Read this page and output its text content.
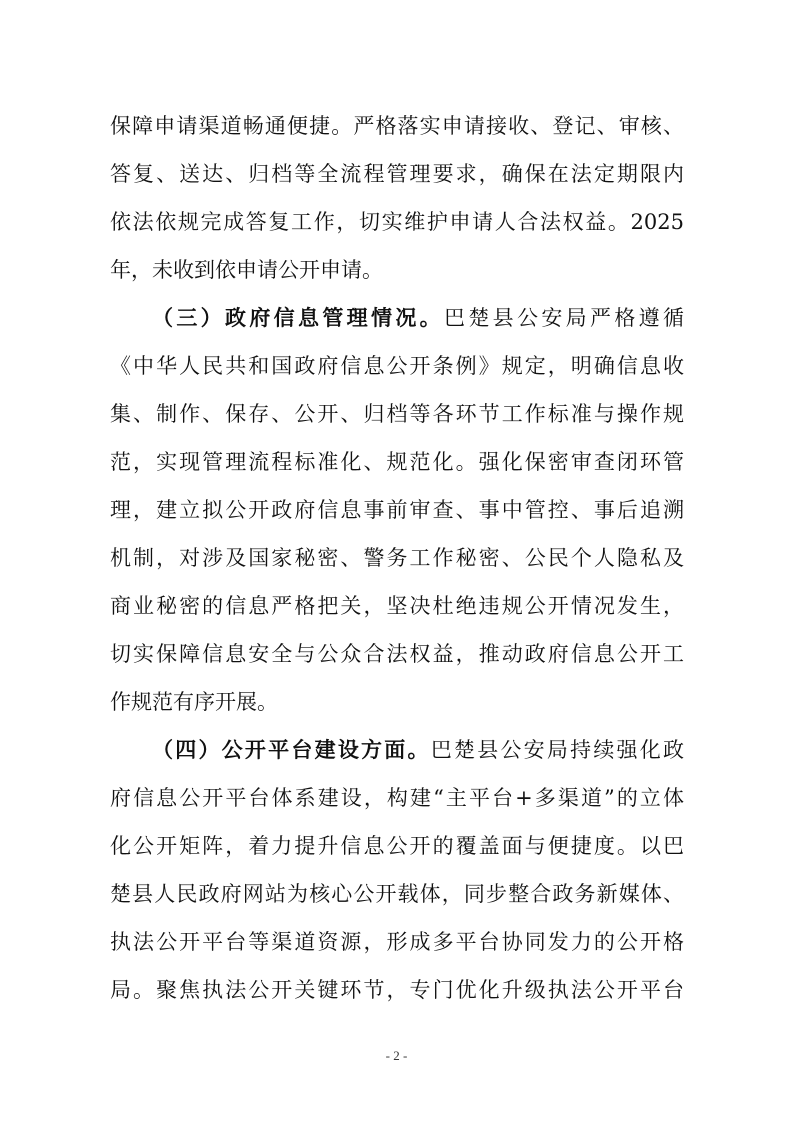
保障申请渠道畅通便捷。严格落实申请接收、登记、审核、
答复、送达、归档等全流程管理要求，确保在法定期限内
依法依规完成答复工作，切实维护申请人合法权益。2025
年，未收到依申请公开申请。
（三）政府信息管理情况。巴楚县公安局严格遵循
《中华人民共和国政府信息公开条例》规定，明确信息收
集、制作、保存、公开、归档等各环节工作标准与操作规
范，实现管理流程标准化、规范化。强化保密审查闭环管
理，建立拟公开政府信息事前审查、事中管控、事后追溯
机制，对涉及国家秘密、警务工作秘密、公民个人隐私及
商业秘密的信息严格把关，坚决杜绝违规公开情况发生，
切实保障信息安全与公众合法权益，推动政府信息公开工
作规范有序开展。
（四）公开平台建设方面。巴楚县公安局持续强化政
府信息公开平台体系建设，构建“主平台+多渠道”的立体
化公开矩阵，着力提升信息公开的覆盖面与便捷度。以巴
楚县人民政府网站为核心公开载体，同步整合政务新媒体、
执法公开平台等渠道资源，形成多平台协同发力的公开格
局。聚焦执法公开关键环节，专门优化升级执法公开平台
- 2 -
